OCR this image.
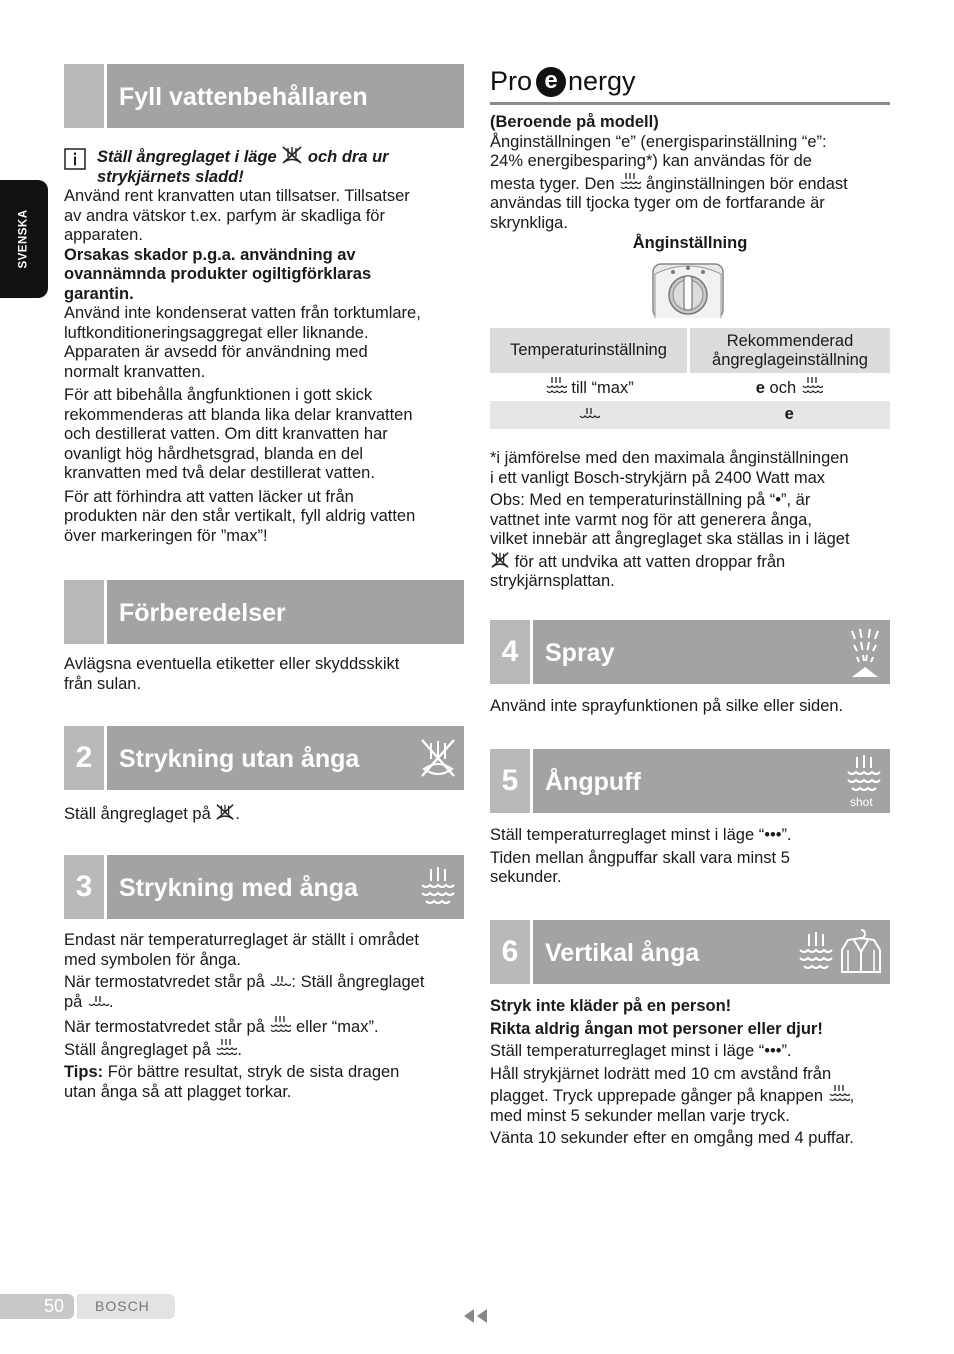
SVENSKA
Fyll vattenbehållaren

Ställ ångreglaget i läge och dra ur

strykjärnets sladd!

Använd rent kranvatten utan tillsatser. Tillsatser

av andra vätskor t.ex. parfym är skadliga för

apparaten.

Orsakas skador p.g.a. användning av

ovannämnda produkter ogiltigförklaras

garantin.

Använd inte kondenserat vatten från torktumlare,

luftkonditioneringsaggregat eller liknande.

Apparaten är avsedd för användning med

normalt kranvatten.

För att bibehålla ångfunktionen i gott skick

rekommenderas att blanda lika delar kranvatten

och destillerat vatten. Om ditt kranvatten har

ovanligt hög hårdhetsgrad, blanda en del

kranvatten med två delar destillerat vatten.

För att förhindra att vatten läcker ut från

produkten när den står vertikalt, fyll aldrig vatten

över markeringen för ”max”!

Förberedelser

Avlägsna eventuella etiketter eller skyddsskikt

från sulan.

2	Strykning utan ånga

Ställ ångreglaget på .

3	Strykning med ånga

Endast när temperaturreglaget är ställt i området

med symbolen för ånga.

När termostatvredet står på : Ställ ångreglaget

på .

När termostatvredet står på eller “max”.

Ställ ångreglaget på .

Tips: För bättre resultat, stryk de sista dragen

utan ånga så att plagget torkar.

Pro e nergy

(Beroende på modell)

Ånginställningen “e” (energisparinställning “e”:

24% energibesparing*) kan användas för de

mesta tyger. Den ånginställningen bör endast

användas till tjocka tyger om de fortfarande är

skrynkliga.

Ånginställning
Temperaturinställning	Rekommenderad
ångreglageinställning

till “max”	e och
	e

*i jämförelse med den maximala ånginställningen

i ett vanligt Bosch-strykjärn på 2400 Watt max

Obs: Med en temperaturinställning på “•”, är

vattnet inte varmt nog för att generera ånga,

vilket innebär att ångreglaget ska ställas in i läget

för att undvika att vatten droppar från

strykjärnsplattan.

4	Spray
Använd inte sprayfunktionen på silke eller siden.
5	Ångpuff
shot

Ställ temperaturreglaget minst i läge “•••”.

Tiden mellan ångpuffar skall vara minst 5

sekunder.

6	Vertikal ånga

Stryk inte kläder på en person!

Rikta aldrig ångan mot personer eller djur!

Ställ temperaturreglaget minst i läge “•••”.

Håll strykjärnet lodrätt med 10 cm avstånd från

plagget. Tryck upprepade gånger på knappen ,

med minst 5 sekunder mellan varje tryck.

Vänta 10 sekunder efter en omgång med 4 puffar.

50 BOSCH
